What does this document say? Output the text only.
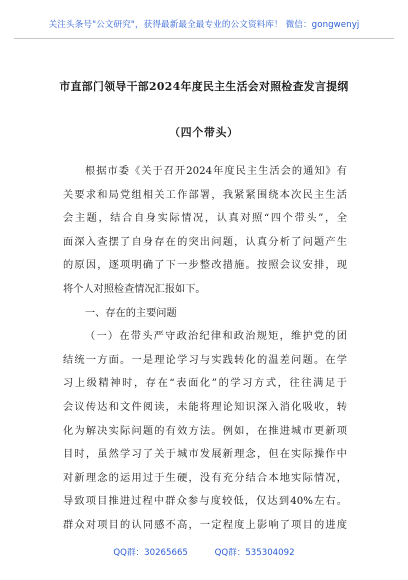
关注头条号"公文研究"，获得最新最全最专业的公文资料库！ 微信：gongwenyj
市直部门领导干部2024年度民主生活会对照检查发言提纲
（四个带头）
根据市委《关于召开2024年度民主生活会的通知》有
关要求和局党组相关工作部署，我紧紧围绕本次民主生活
会主题，结合自身实际情况，认真对照“四个带头”，全
面深入查摆了自身存在的突出问题，认真分析了问题产生
的原因，逐项明确了下一步整改措施。按照会议安排，现
将个人对照检查情况汇报如下。
一、存在的主要问题
（一）在带头严守政治纪律和政治规矩，维护党的团
结统一方面。一是理论学习与实践转化的温差问题。在学
习上级精神时，存在“表面化”的学习方式，往往满足于
会议传达和文件阅读，未能将理论知识深入消化吸收，转
化为解决实际问题的有效方法。例如，在推进城市更新项
目时，虽然学习了关于城市发展新理念，但在实际操作中
对新理念的运用过于生硬，没有充分结合本地实际情况，
导致项目推进过程中群众参与度较低，仅达到40%左右。
群众对项目的认同感不高，一定程度上影响了项目的进度
QQ群：30265665	QQ群：535304092
